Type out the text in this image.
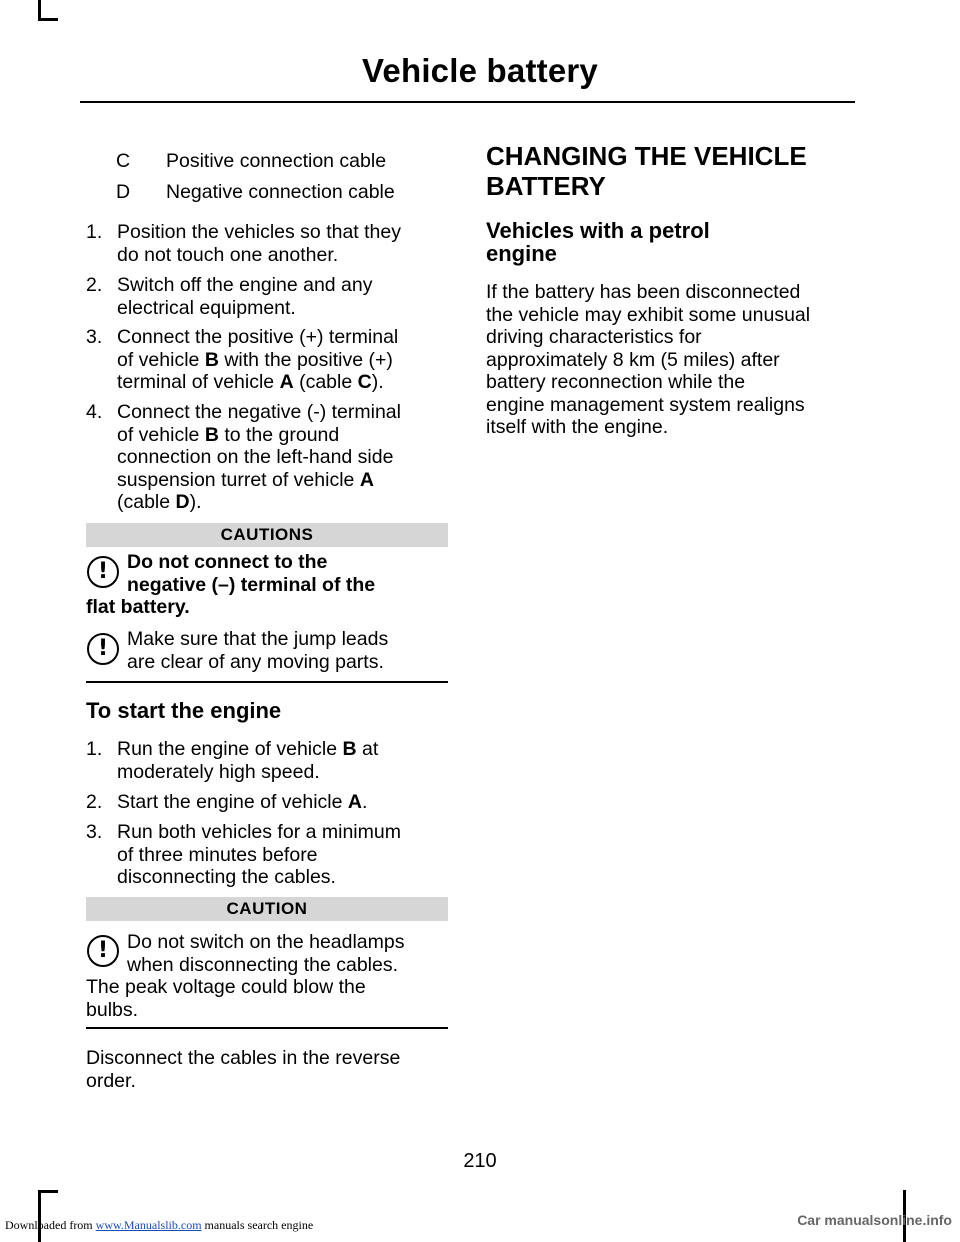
Vehicle battery
C Positive connection cable
D Negative connection cable
1. Position the vehicles so that they
do not touch one another.
2. Switch off the engine and any
electrical equipment.
3. Connect the positive (+) terminal
of vehicle B with the positive (+)
terminal of vehicle A (cable C).
4. Connect the negative (-) terminal
of vehicle B to the ground
connection on the left-hand side
suspension turret of vehicle A
(cable D).
CAUTIONS
! Do not connect to the
negative (–) terminal of the
flat battery.
! Make sure that the jump leads
are clear of any moving parts.
To start the engine
1. Run the engine of vehicle B at
moderately high speed.
2. Start the engine of vehicle A.
3. Run both vehicles for a minimum
of three minutes before
disconnecting the cables.
CAUTION
! Do not switch on the headlamps
when disconnecting the cables.
The peak voltage could blow the
bulbs.
Disconnect the cables in the reverse
order.
CHANGING THE VEHICLE
BATTERY
Vehicles with a petrol
engine
If the battery has been disconnected
the vehicle may exhibit some unusual
driving characteristics for
approximately 8 km (5 miles) after
battery reconnection while the
engine management system realigns
itself with the engine.
210
Downloaded from www.Manualslib.com manuals search engine	Car manualsonline.info
